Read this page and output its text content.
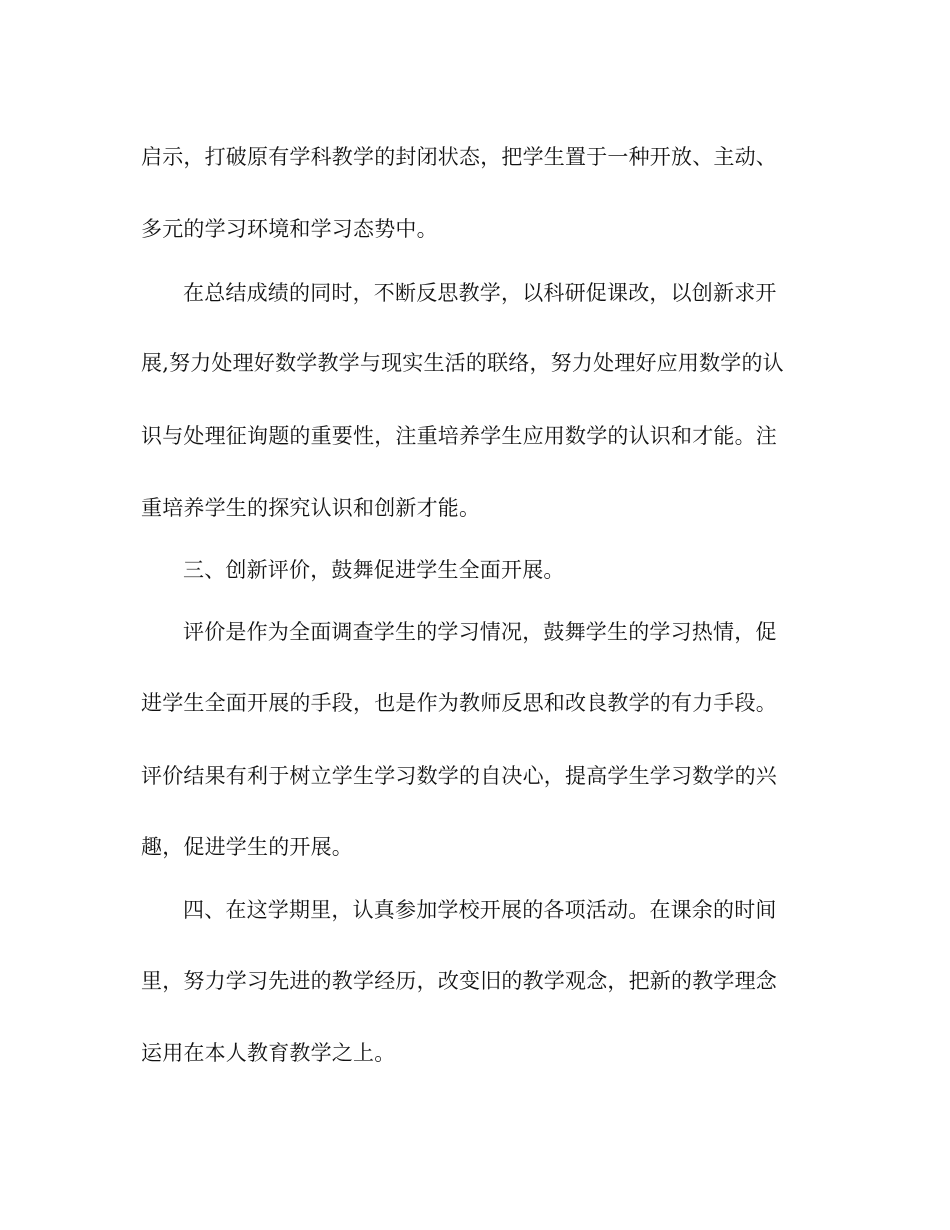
启示，打破原有学科教学的封闭状态，把学生置于一种开放、主动、

多元的学习环境和学习态势中。

在总结成绩的同时，不断反思教学，以科研促课改，以创新求开

展,努力处理好数学教学与现实生活的联络，努力处理好应用数学的认

识与处理征询题的重要性，注重培养学生应用数学的认识和才能。注

重培养学生的探究认识和创新才能。

三、创新评价，鼓舞促进学生全面开展。

评价是作为全面调查学生的学习情况，鼓舞学生的学习热情，促

进学生全面开展的手段，也是作为教师反思和改良教学的有力手段。

评价结果有利于树立学生学习数学的自决心，提高学生学习数学的兴

趣，促进学生的开展。

四、在这学期里，认真参加学校开展的各项活动。在课余的时间

里，努力学习先进的教学经历，改变旧的教学观念，把新的教学理念

运用在本人教育教学之上。
